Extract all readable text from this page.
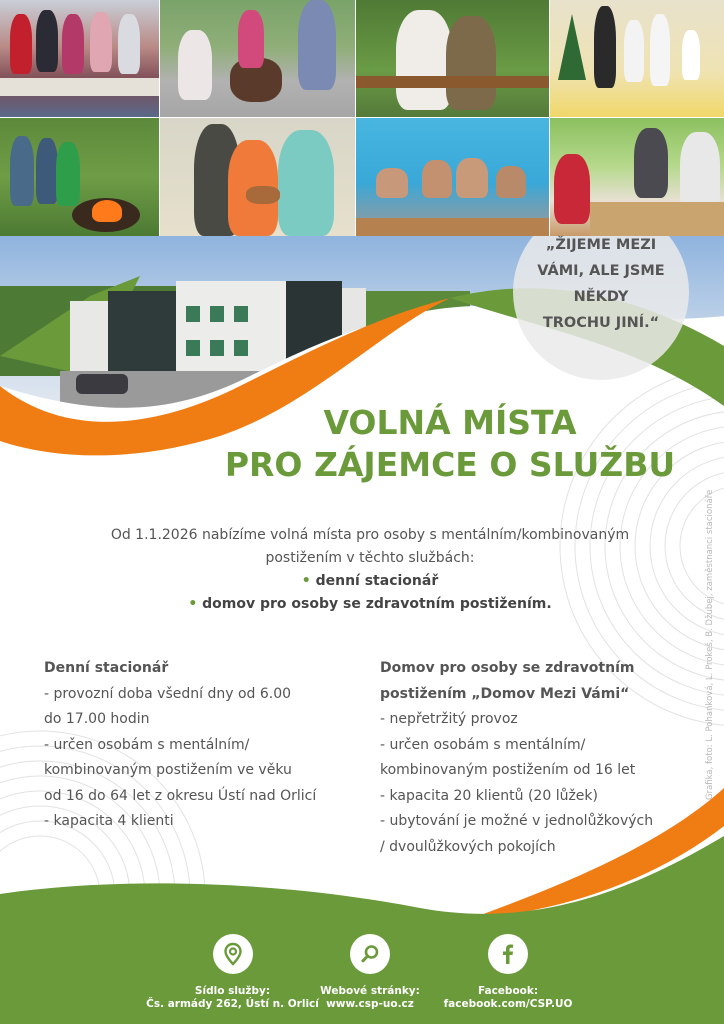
„ŽIJEME MEZI
VÁMI, ALE JSME
NĚKDY
TROCHU JINÍ.“
VOLNÁ MÍSTA
PRO ZÁJEMCE O SLUŽBU
Od 1.1.2026 nabízíme volná místa pro osoby s mentálním/kombinovaným
postižením v těchto službách:
• denní stacionář
• domov pro osoby se zdravotním postižením.
Denní stacionář
- provozní doba všední dny od 6.00
do 17.00 hodin
- určen osobám s mentálním/
kombinovaným postižením ve věku
od 16 do 64 let z okresu Ústí nad Orlicí
- kapacita 4 klienti
Domov pro osoby se zdravotním
postižením „Domov Mezi Vámi“
- nepřetržitý provoz
- určen osobám s mentálním/
kombinovaným postižením od 16 let
- kapacita 20 klientů (20 lůžek)
- ubytování je možné v jednolůžkových
/ dvoulůžkových pokojích
Grafika, foto: L. Pohanková, L. Prokeš, B. Džubej, zaměstnanci stacionáře
Sídlo služby:
Čs. armády 262, Ústí n. Orlicí
Webové stránky:
www.csp-uo.cz
Facebook:
facebook.com/CSP.UO
